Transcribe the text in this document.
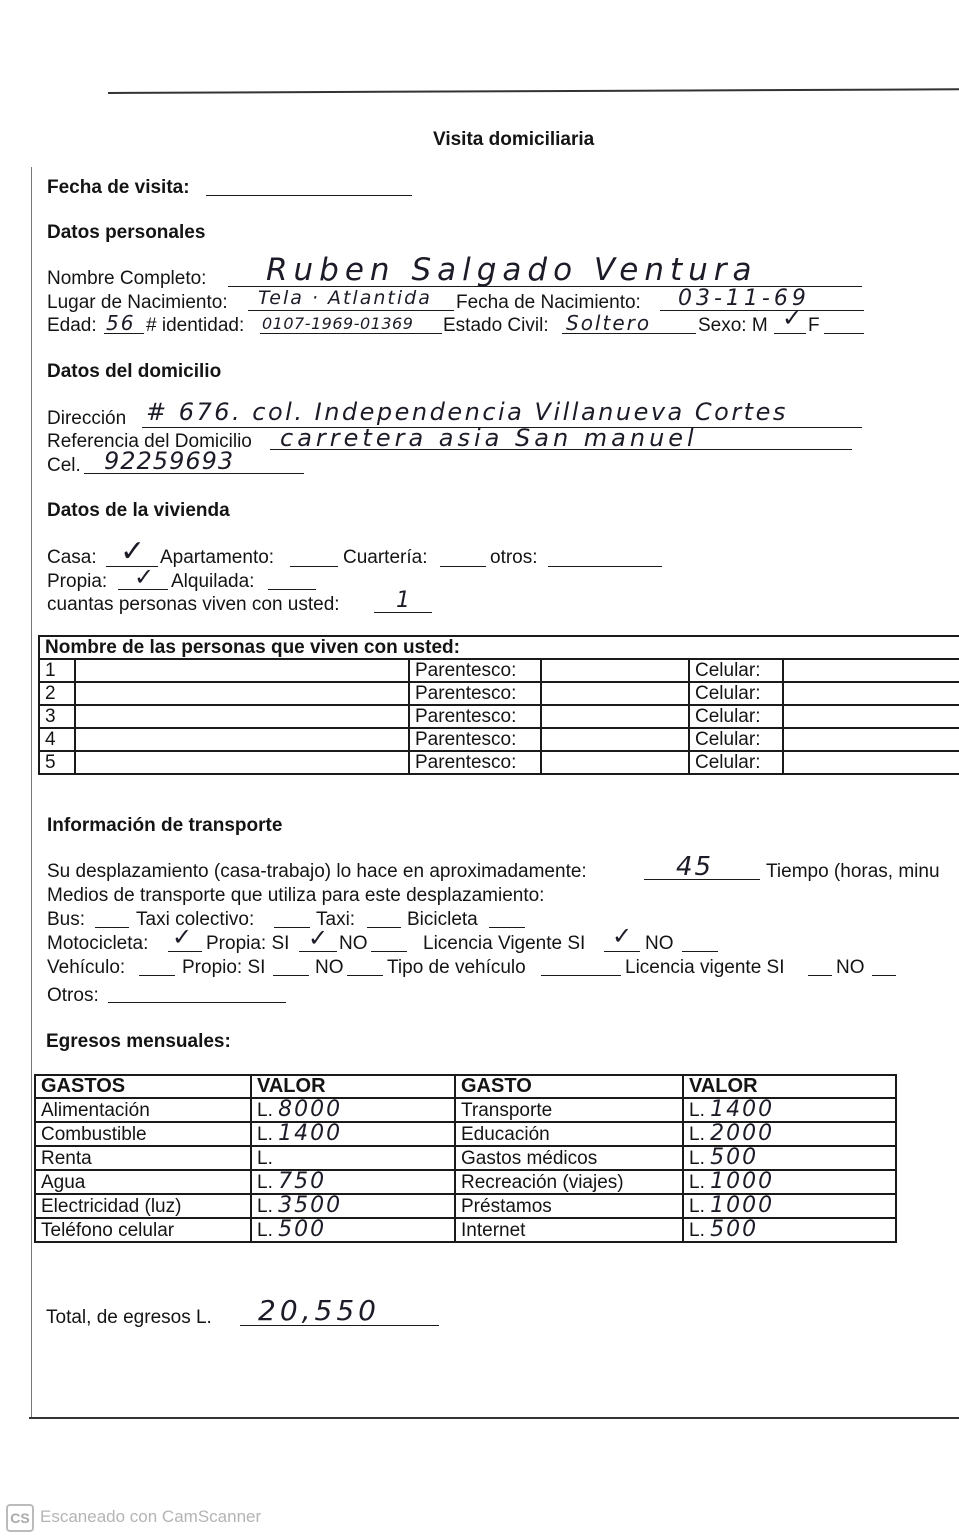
Visita domiciliaria
Fecha de visita:
Datos personales
Nombre Completo: Ruben Salgado Ventura
Lugar de Nacimiento: Tela · Atlantida Fecha de Nacimiento: 03-11-69
Edad: 56 # identidad: 0107-1969-01369 Estado Civil: Soltero Sexo: M ✓ F
Datos del domicilio
Dirección # 676. col. Independencia Villanueva Cortes
Referencia del Domicilio carretera asia San manuel
Cel. 92259693
Datos de la vivienda
Casa: ✓ Apartamento:	Cuartería:	otros:
Propia: ✓ Alquilada:
cuantas personas viven con usted:	1
Nombre de las personas que viven con usted:					
1		Parentesco:		Celular:	
2		Parentesco:		Celular:	
3		Parentesco:		Celular:	
4		Parentesco:		Celular:	
5		Parentesco:		Celular:	
Información de transporte
Su desplazamiento (casa-trabajo) lo hace en aproximadamente:	45	Tiempo (horas, minu
Medios de transporte que utiliza para este desplazamiento:
Bus:	Taxi colectivo:	Taxi:	Bicicleta
Motocicleta: ✓ Propia: SI ✓ NO	Licencia Vigente SI ✓ NO
Vehículo:	Propio: SI	NO Tipo de vehículo	Licencia vigente SI	NO
Otros:
Egresos mensuales:
GASTOS	VALOR	GASTO	VALOR
Alimentación	L. 8000	Transporte	L. 1400
Combustible	L. 1400	Educación	L. 2000
Renta	L.	Gastos médicos	L. 500
Agua	L. 750	Recreación (viajes)	L. 1000
Electricidad (luz)	L. 3500	Préstamos	L. 1000
Teléfono celular	L. 500	Internet	L. 500
Total, de egresos L. 20,550
CS Escaneado con CamScanner
